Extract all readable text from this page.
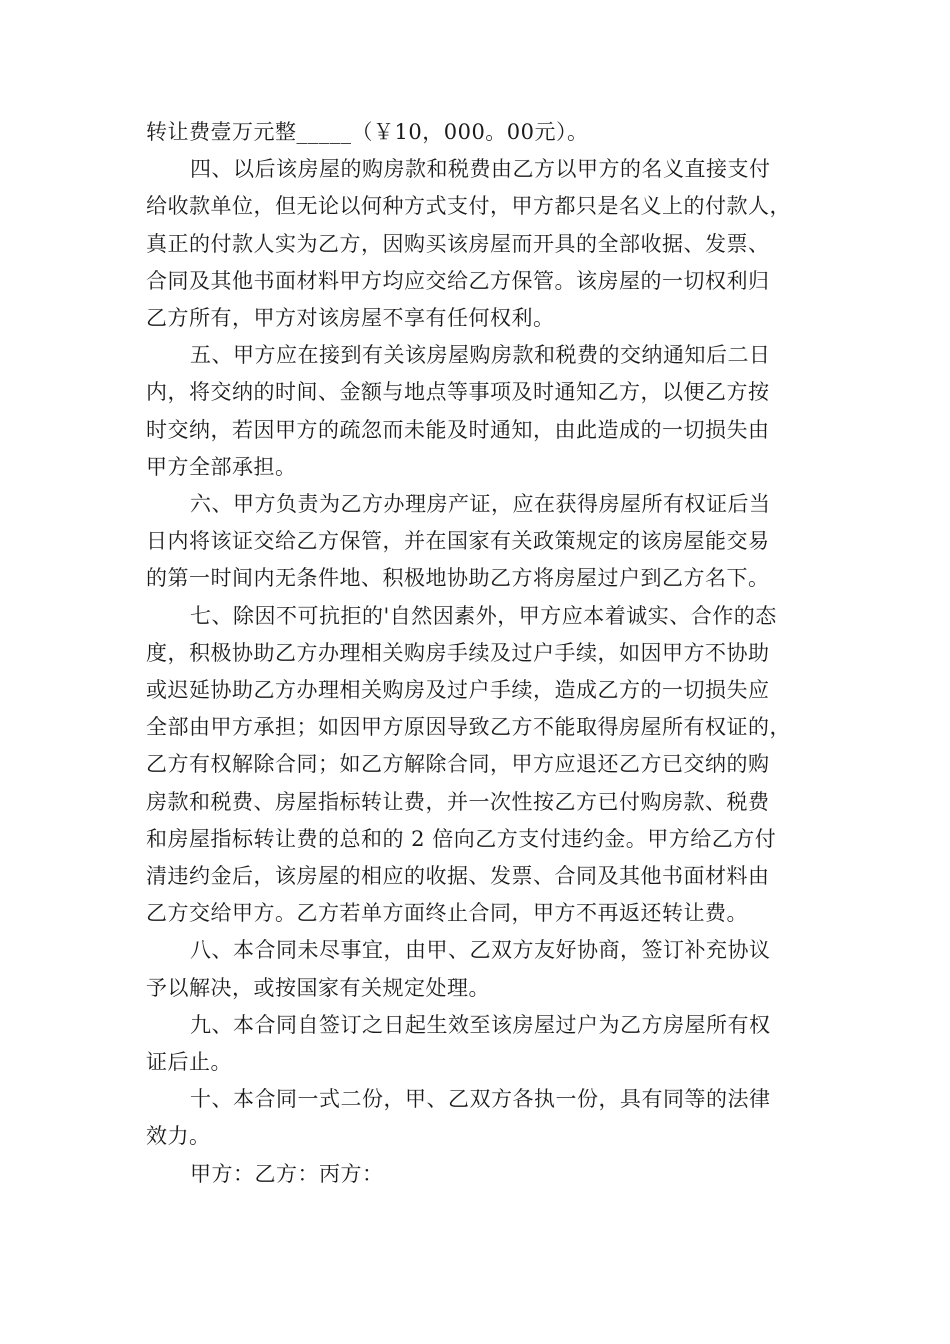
转让费壹万元整_____（￥10，000。00元）。
四、以后该房屋的购房款和税费由乙方以甲方的名义直接支付
给收款单位，但无论以何种方式支付，甲方都只是名义上的付款人，
真正的付款人实为乙方，因购买该房屋而开具的全部收据、发票、
合同及其他书面材料甲方均应交给乙方保管。该房屋的一切权利归
乙方所有，甲方对该房屋不享有任何权利。
五、甲方应在接到有关该房屋购房款和税费的交纳通知后二日
内，将交纳的时间、金额与地点等事项及时通知乙方，以便乙方按
时交纳，若因甲方的疏忽而未能及时通知，由此造成的一切损失由
甲方全部承担。
六、甲方负责为乙方办理房产证，应在获得房屋所有权证后当
日内将该证交给乙方保管，并在国家有关政策规定的该房屋能交易
的第一时间内无条件地、积极地协助乙方将房屋过户到乙方名下。
七、除因不可抗拒的'自然因素外，甲方应本着诚实、合作的态
度，积极协助乙方办理相关购房手续及过户手续，如因甲方不协助
或迟延协助乙方办理相关购房及过户手续，造成乙方的一切损失应
全部由甲方承担；如因甲方原因导致乙方不能取得房屋所有权证的，
乙方有权解除合同；如乙方解除合同，甲方应退还乙方已交纳的购
房款和税费、房屋指标转让费，并一次性按乙方已付购房款、税费
和房屋指标转让费的总和的 2 倍向乙方支付违约金。甲方给乙方付
清违约金后，该房屋的相应的收据、发票、合同及其他书面材料由
乙方交给甲方。乙方若单方面终止合同，甲方不再返还转让费。
八、本合同未尽事宜，由甲、乙双方友好协商，签订补充协议
予以解决，或按国家有关规定处理。
九、本合同自签订之日起生效至该房屋过户为乙方房屋所有权
证后止。
十、本合同一式二份，甲、乙双方各执一份，具有同等的法律
效力。
甲方：乙方：丙方：
